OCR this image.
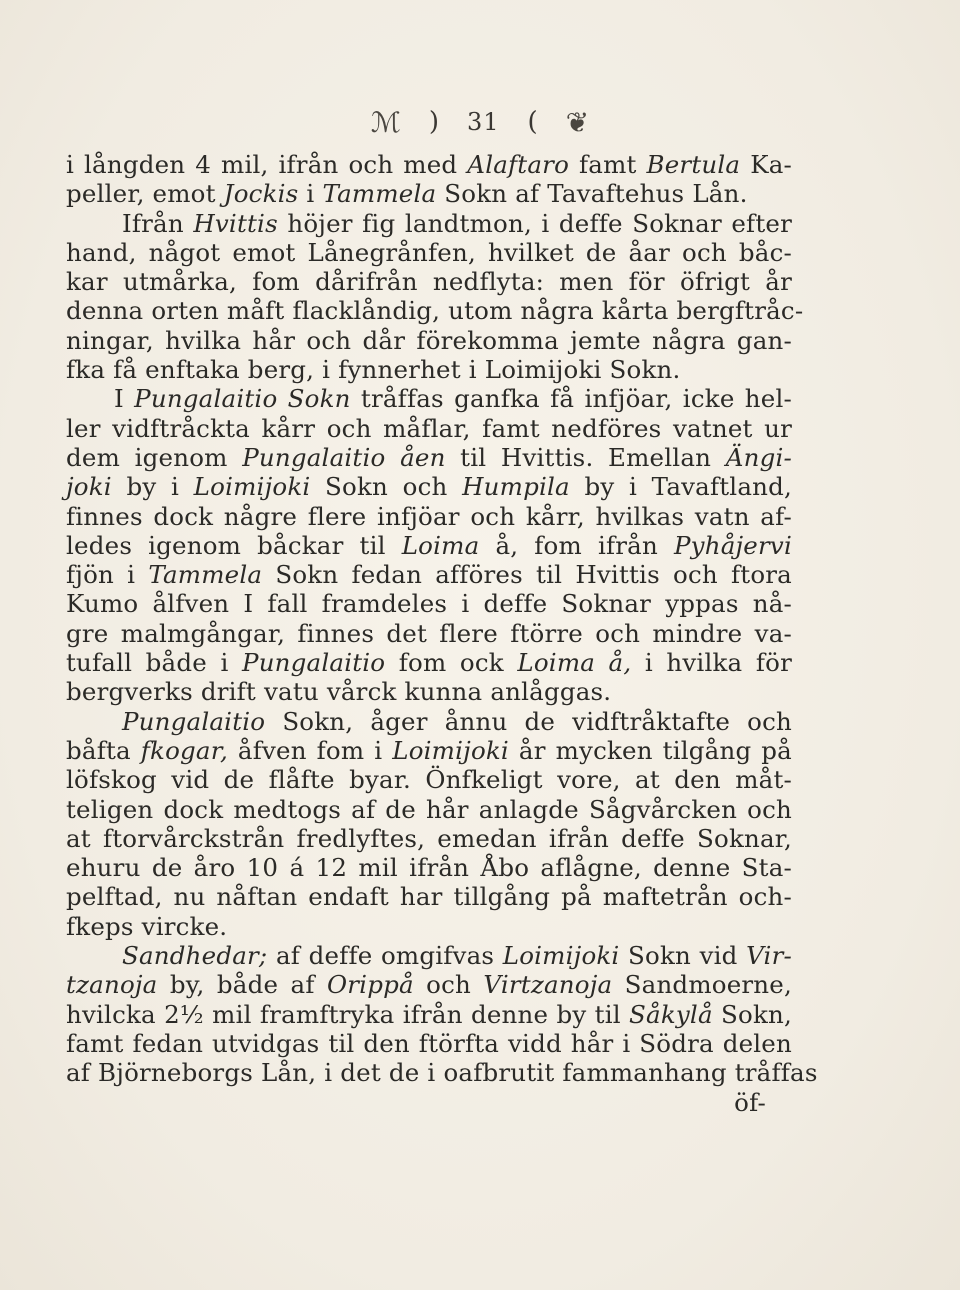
ℳ ) 31 ( ❦
i långden 4 mil, ifrån och med Alaftaro famt Bertula Ka-
peller, emot Jockis i Tammela Sokn af Tavaftehus Lån.
Ifrån Hvittis höjer fig landtmon, i deffe Soknar efter
hand, något emot Lånegrånfen, hvilket de åar och båc-
kar utmårka, fom dårifrån nedflyta: men för öfrigt år
denna orten måft flacklåndig, utom några kårta bergftråc-
ningar, hvilka hår och dår förekomma jemte några gan-
fka få enftaka berg, i fynnerhet i Loimijoki Sokn.
I Pungalaitio Sokn tråffas ganfka få infjöar, icke hel-
ler vidftråckta kårr och måflar, famt nedföres vatnet ur
dem igenom Pungalaitio åen til Hvittis. Emellan Ängi-
joki by i Loimijoki Sokn och Humpila by i Tavaftland,
finnes dock någre flere infjöar och kårr, hvilkas vatn af-
ledes igenom båckar til Loima å, fom ifrån Pyhåjervi
fjön i Tammela Sokn fedan afföres til Hvittis och ftora
Kumo ålfven I fall framdeles i deffe Soknar yppas nå-
gre malmgångar, finnes det flere ftörre och mindre va-
tufall både i Pungalaitio fom ock Loima å, i hvilka för
bergverks drift vatu vårck kunna anlåggas.
Pungalaitio Sokn, åger ånnu de vidftråktafte och
båfta fkogar, åfven fom i Loimijoki år mycken tilgång på
löfskog vid de flåfte byar. Önfkeligt vore, at den måt-
teligen dock medtogs af de hår anlagde Sågvårcken och
at ftorvårckstrån fredlyftes, emedan ifrån deffe Soknar,
ehuru de åro 10 á 12 mil ifrån Åbo aflågne, denne Sta-
pelftad, nu nåftan endaft har tillgång på maftetrån och-
fkeps vircke.
Sandhedar; af deffe omgifvas Loimijoki Sokn vid Vir-
tzanoja by, både af Orippå och Virtzanoja Sandmoerne,
hvilcka 2½ mil framftryka ifrån denne by til Såkylå Sokn,
famt fedan utvidgas til den ftörfta vidd hår i Södra delen
af Björneborgs Lån, i det de i oafbrutit fammanhang tråffas
öf-
